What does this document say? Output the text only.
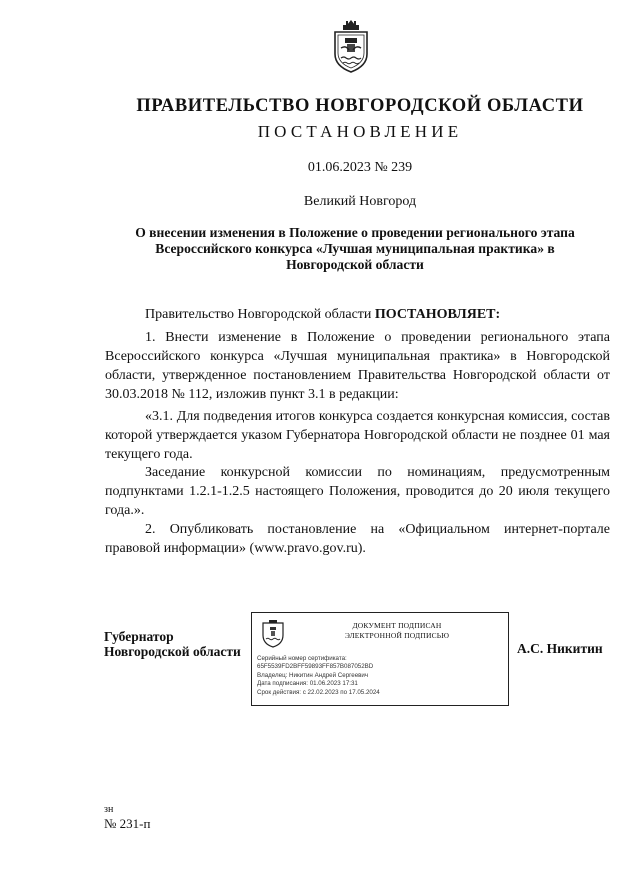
ПРАВИТЕЛЬСТВО НОВГОРОДСКОЙ ОБЛАСТИ
ПОСТАНОВЛЕНИЕ
01.06.2023 № 239
Великий Новгород
О внесении изменения в Положение о проведении регионального этапа Всероссийского конкурса «Лучшая муниципальная практика» в Новгородской области
Правительство Новгородской области ПОСТАНОВЛЯЕТ:
1. Внести изменение в Положение о проведении регионального этапа Всероссийского конкурса «Лучшая муниципальная практика» в Новгородской области, утвержденное постановлением Правительства Новгородской области от 30.03.2018 № 112, изложив пункт 3.1 в редакции:
«3.1. Для подведения итогов конкурса создается конкурсная комиссия, состав которой утверждается указом Губернатора Новгородской области не позднее 01 мая текущего года.
Заседание конкурсной комиссии по номинациям, предусмотренным подпунктами 1.2.1-1.2.5 настоящего Положения, проводится до 20 июля текущего года.».
2. Опубликовать постановление на «Официальном интернет-портале правовой информации» (www.pravo.gov.ru).
Губернатор
Новгородской области	А.С. Никитин
ДОКУМЕНТ ПОДПИСАН
ЭЛЕКТРОННОЙ ПОДПИСЬЮ
Серийный номер сертификата:
65F5539FD2BFF59893FF857B087052BD
Владелец: Никитин Андрей Сергеевич
Дата подписания: 01.06.2023 17:31
Срок действия: с 22.02.2023 по 17.05.2024
зн
№ 231-п
